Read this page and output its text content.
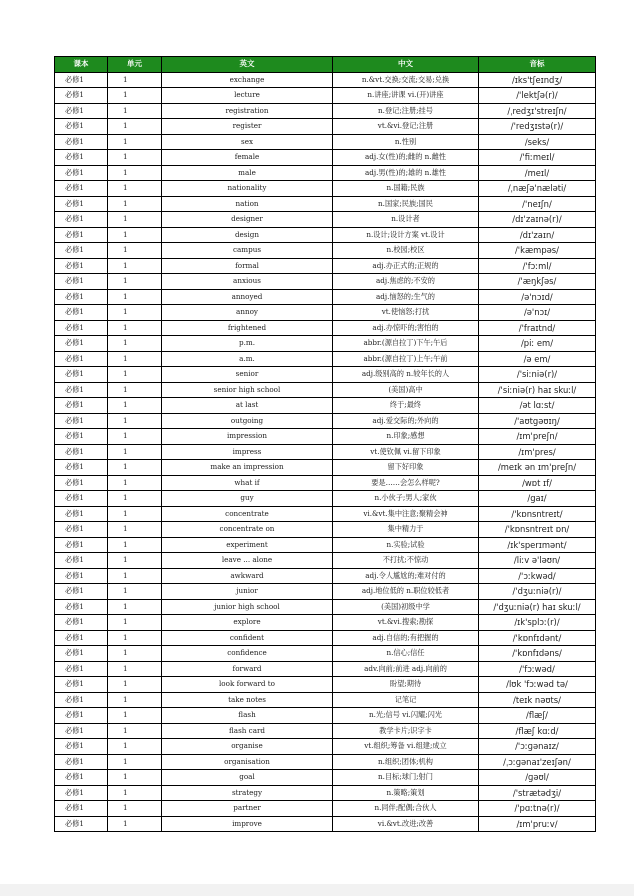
课本	单元	英文	中文	音标
必修1	1	exchange	n.&vt.交换;交流;交易;兑换	/ɪks'tʃeɪndʒ/
必修1	1	lecture	n.讲座;讲课 vi.(开)讲座	/'lektʃə(r)/
必修1	1	registration	n.登记;注册;挂号	/ˌredʒɪ'streɪʃn/
必修1	1	register	vt.&vi.登记;注册	/'redʒɪstə(r)/
必修1	1	sex	n.性别	/seks/
必修1	1	female	adj.女(性)的;雌的 n.雌性	/'fiːmeɪl/
必修1	1	male	adj.男(性)的;雄的 n.雄性	/meɪl/
必修1	1	nationality	n.国籍;民族	/ˌnæʃə'næləti/
必修1	1	nation	n.国家;民族;国民	/'neɪʃn/
必修1	1	designer	n.设计者	/dɪ'zaɪnə(r)/
必修1	1	design	n.设计;设计方案 vt.设计	/dɪ'zaɪn/
必修1	1	campus	n.校园;校区	/'kæmpəs/
必修1	1	formal	adj.办正式的;正规的	/'fɔːml/
必修1	1	anxious	adj.焦虑的;不安的	/'æŋkʃəs/
必修1	1	annoyed	adj.恼怒的;生气的	/ə'nɔɪd/
必修1	1	annoy	vt.使恼怒;打扰	/ə'nɔɪ/
必修1	1	frightened	adj.办惊吓的;害怕的	/'fraɪtnd/
必修1	1	p.m.	abbr.(源自拉丁)下午;午后	/piː em/
必修1	1	a.m.	abbr.(源自拉丁)上午;午前	/ə em/
必修1	1	senior	adj.级别高的 n.较年长的人	/'siːniə(r)/
必修1	1	senior high school	(美国)高中	/'siːniə(r) haɪ skuːl/
必修1	1	at last	终于;最终	/ət lɑːst/
必修1	1	outgoing	adj.爱交际的;外向的	/'aʊtgəʊɪŋ/
必修1	1	impression	n.印象;感想	/ɪm'preʃn/
必修1	1	impress	vt.使钦佩 vi.留下印象	/ɪm'pres/
必修1	1	make an impression	留下好印象	/meɪk ən ɪm'preʃn/
必修1	1	what if	要是……会怎么样呢?	/wɒt ɪf/
必修1	1	guy	n.小伙子;男人;家伙	/gaɪ/
必修1	1	concentrate	vi.&vt.集中注意;聚精会神	/'kɒnsntreɪt/
必修1	1	concentrate on	集中精力于	/'kɒnsntreɪt ɒn/
必修1	1	experiment	n.实验;试验	/ɪk'sperɪmənt/
必修1	1	leave ... alone	不打扰;不惊动	/liːv ə'ləʊn/
必修1	1	awkward	adj.令人尴尬的;难对付的	/'ɔːkwəd/
必修1	1	junior	adj.地位低的 n.职位较低者	/'dʒuːniə(r)/
必修1	1	junior high school	(美国)初级中学	/'dʒuːniə(r) haɪ skuːl/
必修1	1	explore	vt.&vi.搜索;勘探	/ɪk'splɔː(r)/
必修1	1	confident	adj.自信的;有把握的	/'kɒnfɪdənt/
必修1	1	confidence	n.信心;信任	/'kɒnfɪdəns/
必修1	1	forward	adv.向前;前进 adj.向前的	/'fɔːwəd/
必修1	1	look forward to	盼望;期待	/lʊk 'fɔːwəd tə/
必修1	1	take notes	记笔记	/teɪk nəʊts/
必修1	1	flash	n.光;信号 vi.闪耀;闪光	/flæʃ/
必修1	1	flash card	教学卡片;识字卡	/flæʃ kɑːd/
必修1	1	organise	vt.组织;筹备 vi.组建;成立	/'ɔːɡənaɪz/
必修1	1	organisation	n.组织;团体;机构	/ˌɔːɡənaɪ'zeɪʃən/
必修1	1	goal	n.目标;球门;射门	/ɡəʊl/
必修1	1	strategy	n.策略;策划	/'strætədʒi/
必修1	1	partner	n.同伴;配偶;合伙人	/'pɑːtnə(r)/
必修1	1	improve	vi.&vt.改进;改善	/ɪm'pruːv/
